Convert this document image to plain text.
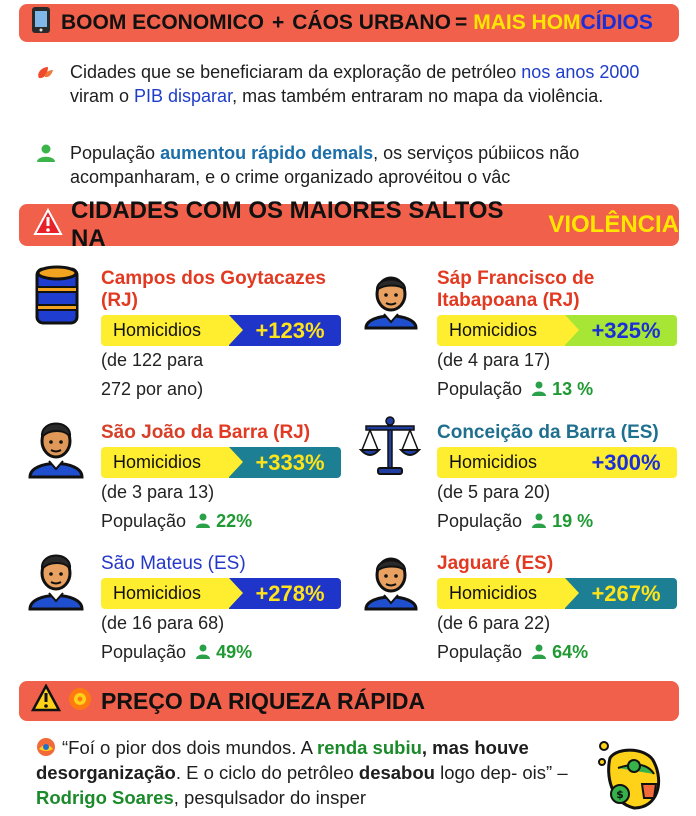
BOOM ECONOMICO + CÁOS URBANO = MAIS HOM CÍDIOS
Cidades que se beneficiaram da exploração de petróleo nos anos 2000 viram o PIB disparar, mas também entraram no mapa da violência.
População aumentou rápido demals, os serviços púbiicos não acompanharam, e o crime organizado aprovéitou o vâc
CIDADES COM OS MAIORES SALTOS NA
VIOLÊNCIA
Campos dos Goytacazes (RJ)
Homicidios	+123%
(de 122 para
272 por ano)
Sáp Francisco de Itabapoana (RJ)
Homicidios	+325%
(de 4 para 17)
População 13 %
São João da Barra (RJ)
Homicidios	+333%
(de 3 para 13)
População 22%
Conceição da Barra (ES)
Homicidios	+300%
(de 5 para 20)
População 19 %
São Mateus (ES)
Homicidios	+278%
(de 16 para 68)
População 49%
Jaguaré (ES)
Homicidios	+267%
(de 6 para 22)
População 64%
PREÇO DA RIQUEZA RÁPIDA
“Foí o pior dos dois mundos. A renda subiu, mas houve desorganização. E o ciclo do petrôleo desabou logo dep- ois” – Rodrigo Soares, pesqulsador do insper	$
